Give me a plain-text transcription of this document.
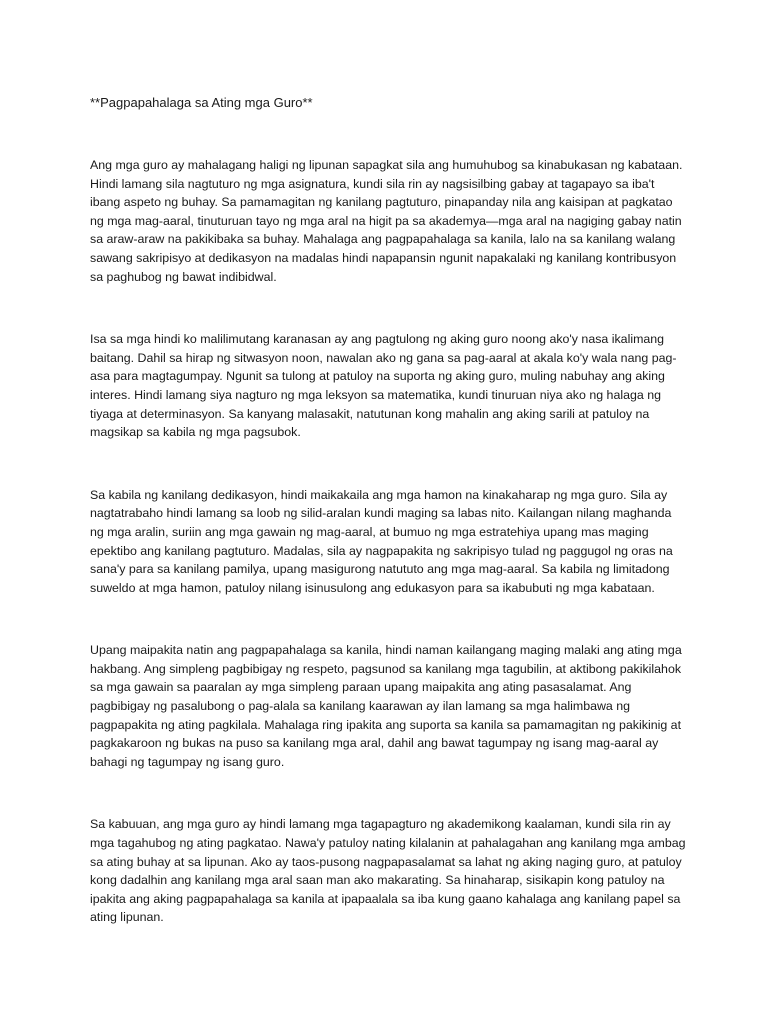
**Pagpapahalaga sa Ating mga Guro**

Ang mga guro ay mahalagang haligi ng lipunan sapagkat sila ang humuhubog sa kinabukasan ng kabataan. Hindi lamang sila nagtuturo ng mga asignatura, kundi sila rin ay nagsisilbing gabay at tagapayo sa iba't ibang aspeto ng buhay. Sa pamamagitan ng kanilang pagtuturo, pinapanday nila ang kaisipan at pagkatao ng mga mag-aaral, tinuturuan tayo ng mga aral na higit pa sa akademya—mga aral na nagiging gabay natin sa araw-araw na pakikibaka sa buhay. Mahalaga ang pagpapahalaga sa kanila, lalo na sa kanilang walang sawang sakripisyo at dedikasyon na madalas hindi napapansin ngunit napakalaki ng kanilang kontribusyon sa paghubog ng bawat indibidwal.

Isa sa mga hindi ko malilimutang karanasan ay ang pagtulong ng aking guro noong ako'y nasa ikalimang baitang. Dahil sa hirap ng sitwasyon noon, nawalan ako ng gana sa pag-aaral at akala ko'y wala nang pag-asa para magtagumpay. Ngunit sa tulong at patuloy na suporta ng aking guro, muling nabuhay ang aking interes. Hindi lamang siya nagturo ng mga leksyon sa matematika, kundi tinuruan niya ako ng halaga ng tiyaga at determinasyon. Sa kanyang malasakit, natutunan kong mahalin ang aking sarili at patuloy na magsikap sa kabila ng mga pagsubok.

Sa kabila ng kanilang dedikasyon, hindi maikakaila ang mga hamon na kinakaharap ng mga guro. Sila ay nagtatrabaho hindi lamang sa loob ng silid-aralan kundi maging sa labas nito. Kailangan nilang maghanda ng mga aralin, suriin ang mga gawain ng mag-aaral, at bumuo ng mga estratehiya upang mas maging epektibo ang kanilang pagtuturo. Madalas, sila ay nagpapakita ng sakripisyo tulad ng paggugol ng oras na sana'y para sa kanilang pamilya, upang masigurong natututo ang mga mag-aaral. Sa kabila ng limitadong suweldo at mga hamon, patuloy nilang isinusulong ang edukasyon para sa ikabubuti ng mga kabataan.

Upang maipakita natin ang pagpapahalaga sa kanila, hindi naman kailangang maging malaki ang ating mga hakbang. Ang simpleng pagbibigay ng respeto, pagsunod sa kanilang mga tagubilin, at aktibong pakikilahok sa mga gawain sa paaralan ay mga simpleng paraan upang maipakita ang ating pasasalamat. Ang pagbibigay ng pasalubong o pag-alala sa kanilang kaarawan ay ilan lamang sa mga halimbawa ng pagpapakita ng ating pagkilala. Mahalaga ring ipakita ang suporta sa kanila sa pamamagitan ng pakikinig at pagkakaroon ng bukas na puso sa kanilang mga aral, dahil ang bawat tagumpay ng isang mag-aaral ay bahagi ng tagumpay ng isang guro.

Sa kabuuan, ang mga guro ay hindi lamang mga tagapagturo ng akademikong kaalaman, kundi sila rin ay mga tagahubog ng ating pagkatao. Nawa'y patuloy nating kilalanin at pahalagahan ang kanilang mga ambag sa ating buhay at sa lipunan. Ako ay taos-pusong nagpapasalamat sa lahat ng aking naging guro, at patuloy kong dadalhin ang kanilang mga aral saan man ako makarating. Sa hinaharap, sisikapin kong patuloy na ipakita ang aking pagpapahalaga sa kanila at ipapaalala sa iba kung gaano kahalaga ang kanilang papel sa ating lipunan.
